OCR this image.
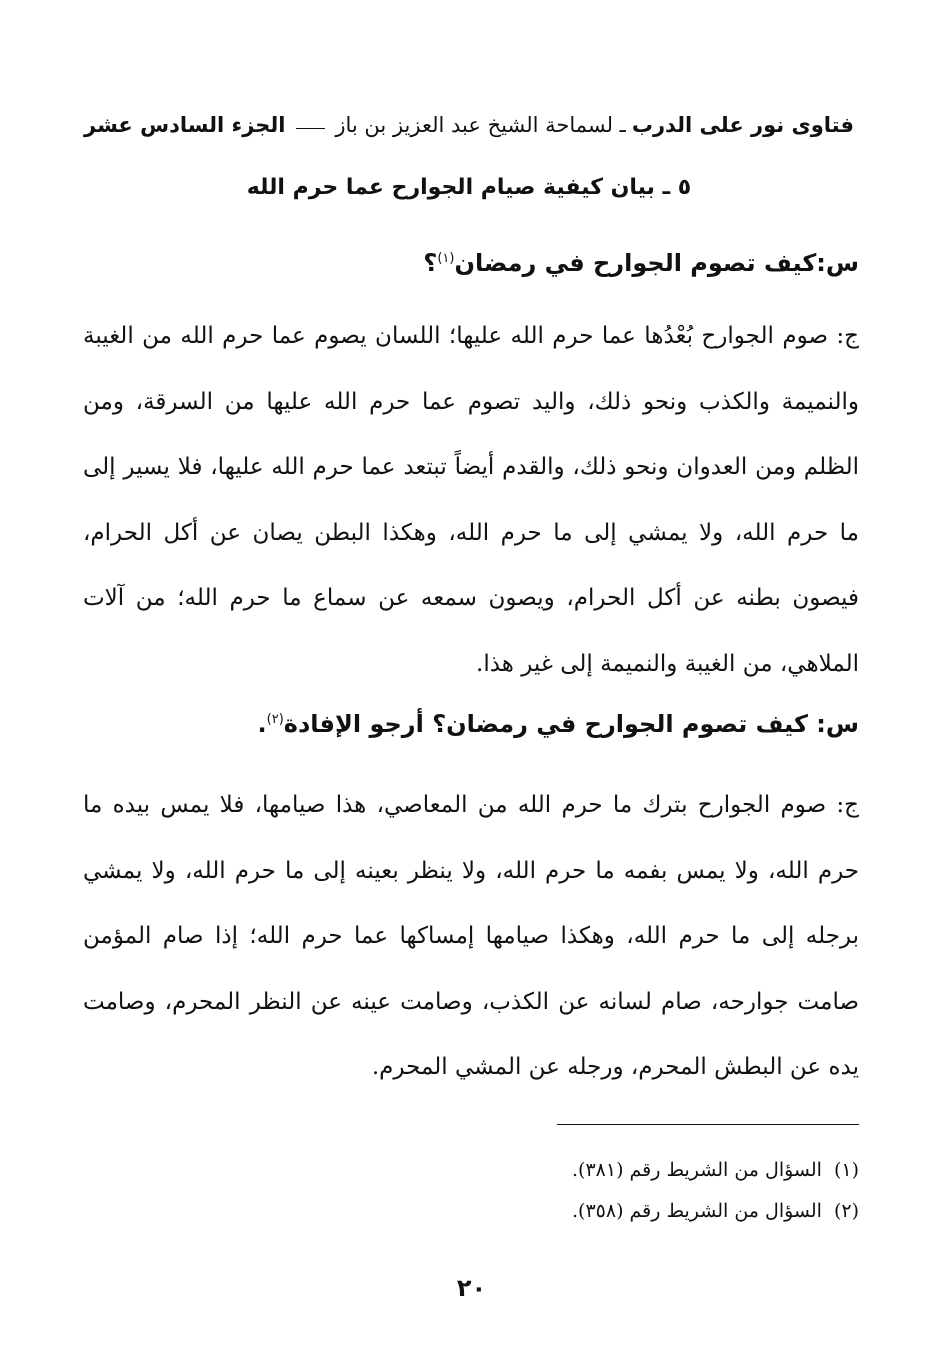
فتاوى نور على الدرب
ـ لسماحة الشيخ عبد العزيز بن باز
الجزء السادس عشر
٥ ـ بيان كيفية صيام الجوارح عما حرم الله
س:كيف تصوم الجوارح في رمضان$^{(١)}$؟
ج: صوم الجوارح بُعْدُها عما حرم الله عليها؛ اللسان يصوم عما حرم الله من الغيبة والنميمة والكذب ونحو ذلك، واليد تصوم عما حرم الله عليها من السرقة، ومن الظلم ومن العدوان ونحو ذلك، والقدم أيضاً تبتعد عما حرم الله عليها، فلا يسير إلى ما حرم الله، ولا يمشي إلى ما حرم الله، وهكذا البطن يصان عن أكل الحرام، فيصون بطنه عن أكل الحرام، ويصون سمعه عن سماع ما حرم الله؛ من آلات الملاهي، من الغيبة والنميمة إلى غير هذا.
س: كيف تصوم الجوارح في رمضان؟ أرجو الإفادة$^{(٢)}$.
ج: صوم الجوارح بترك ما حرم الله من المعاصي، هذا صيامها، فلا يمس بيده ما حرم الله، ولا يمس بفمه ما حرم الله، ولا ينظر بعينه إلى ما حرم الله، ولا يمشي برجله إلى ما حرم الله، وهكذا صيامها إمساكها عما حرم الله؛ إذا صام المؤمن صامت جوارحه، صام لسانه عن الكذب، وصامت عينه عن النظر المحرم، وصامت يده عن البطش المحرم، ورجله عن المشي المحرم.
(١)السؤال من الشريط رقم (٣٨١).
(٢)السؤال من الشريط رقم (٣٥٨).
٢٠
